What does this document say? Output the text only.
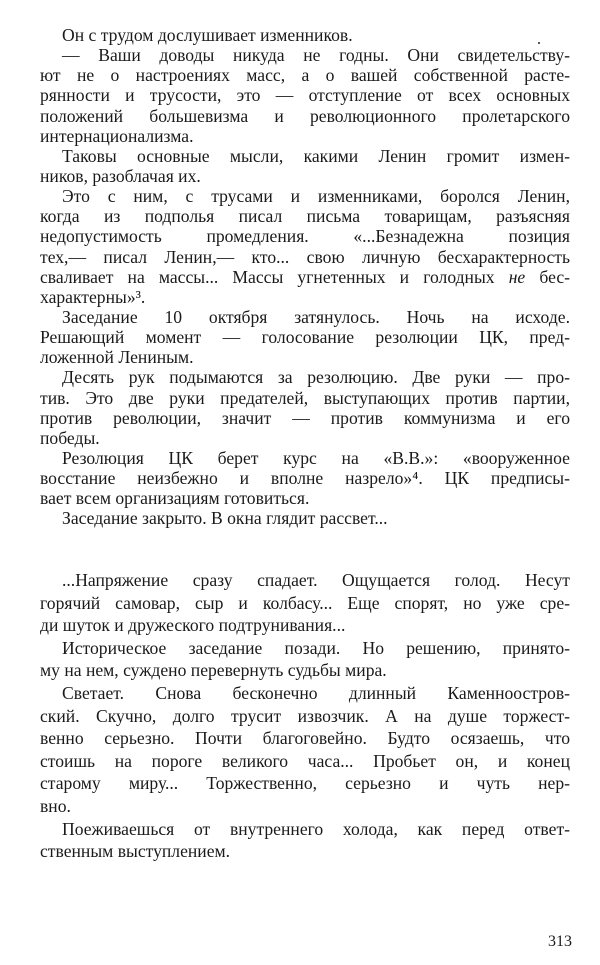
Он с трудом дослушивает изменников.
— Ваши доводы никуда не годны. Они свидетельству-
ют не о настроениях масс, а о вашей собственной расте-
рянности и трусости, это — отступление от всех основных
положений большевизма и революционного пролетарского
интернационализма.
Таковы основные мысли, какими Ленин громит измен-
ников, разоблачая их.
Это с ним, с трусами и изменниками, боролся Ленин,
когда из подполья писал письма товарищам, разъясняя
недопустимость промедления. «...Безнадежна позиция
тех,— писал Ленин,— кто... свою личную бесхарактерность
сваливает на массы... Массы угнетенных и голодных не бес-
характерны»³.
Заседание 10 октября затянулось. Ночь на исходе.
Решающий момент — голосование резолюции ЦК, пред-
ложенной Лениным.
Десять рук подымаются за резолюцию. Две руки — про-
тив. Это две руки предателей, выступающих против партии,
против революции, значит — против коммунизма и его
победы.
Резолюция ЦК берет курс на «В.В.»: «вооруженное
восстание неизбежно и вполне назрело»⁴. ЦК предписы-
вает всем организациям готовиться.
Заседание закрыто. В окна глядит рассвет...
...Напряжение сразу спадает. Ощущается голод. Несут
горячий самовар, сыр и колбасу... Еще спорят, но уже сре-
ди шуток и дружеского подтрунивания...
Историческое заседание позади. Но решению, принято-
му на нем, суждено перевернуть судьбы мира.
Светает. Снова бесконечно длинный Каменноостров-
ский. Скучно, долго трусит извозчик. А на душе торжест-
венно серьезно. Почти благоговейно. Будто осязаешь, что
стоишь на пороге великого часа... Пробьет он, и конец
старому миру... Торжественно, серьезно и чуть нер-
вно.
Поеживаешься от внутреннего холода, как перед ответ-
ственным выступлением.
313
